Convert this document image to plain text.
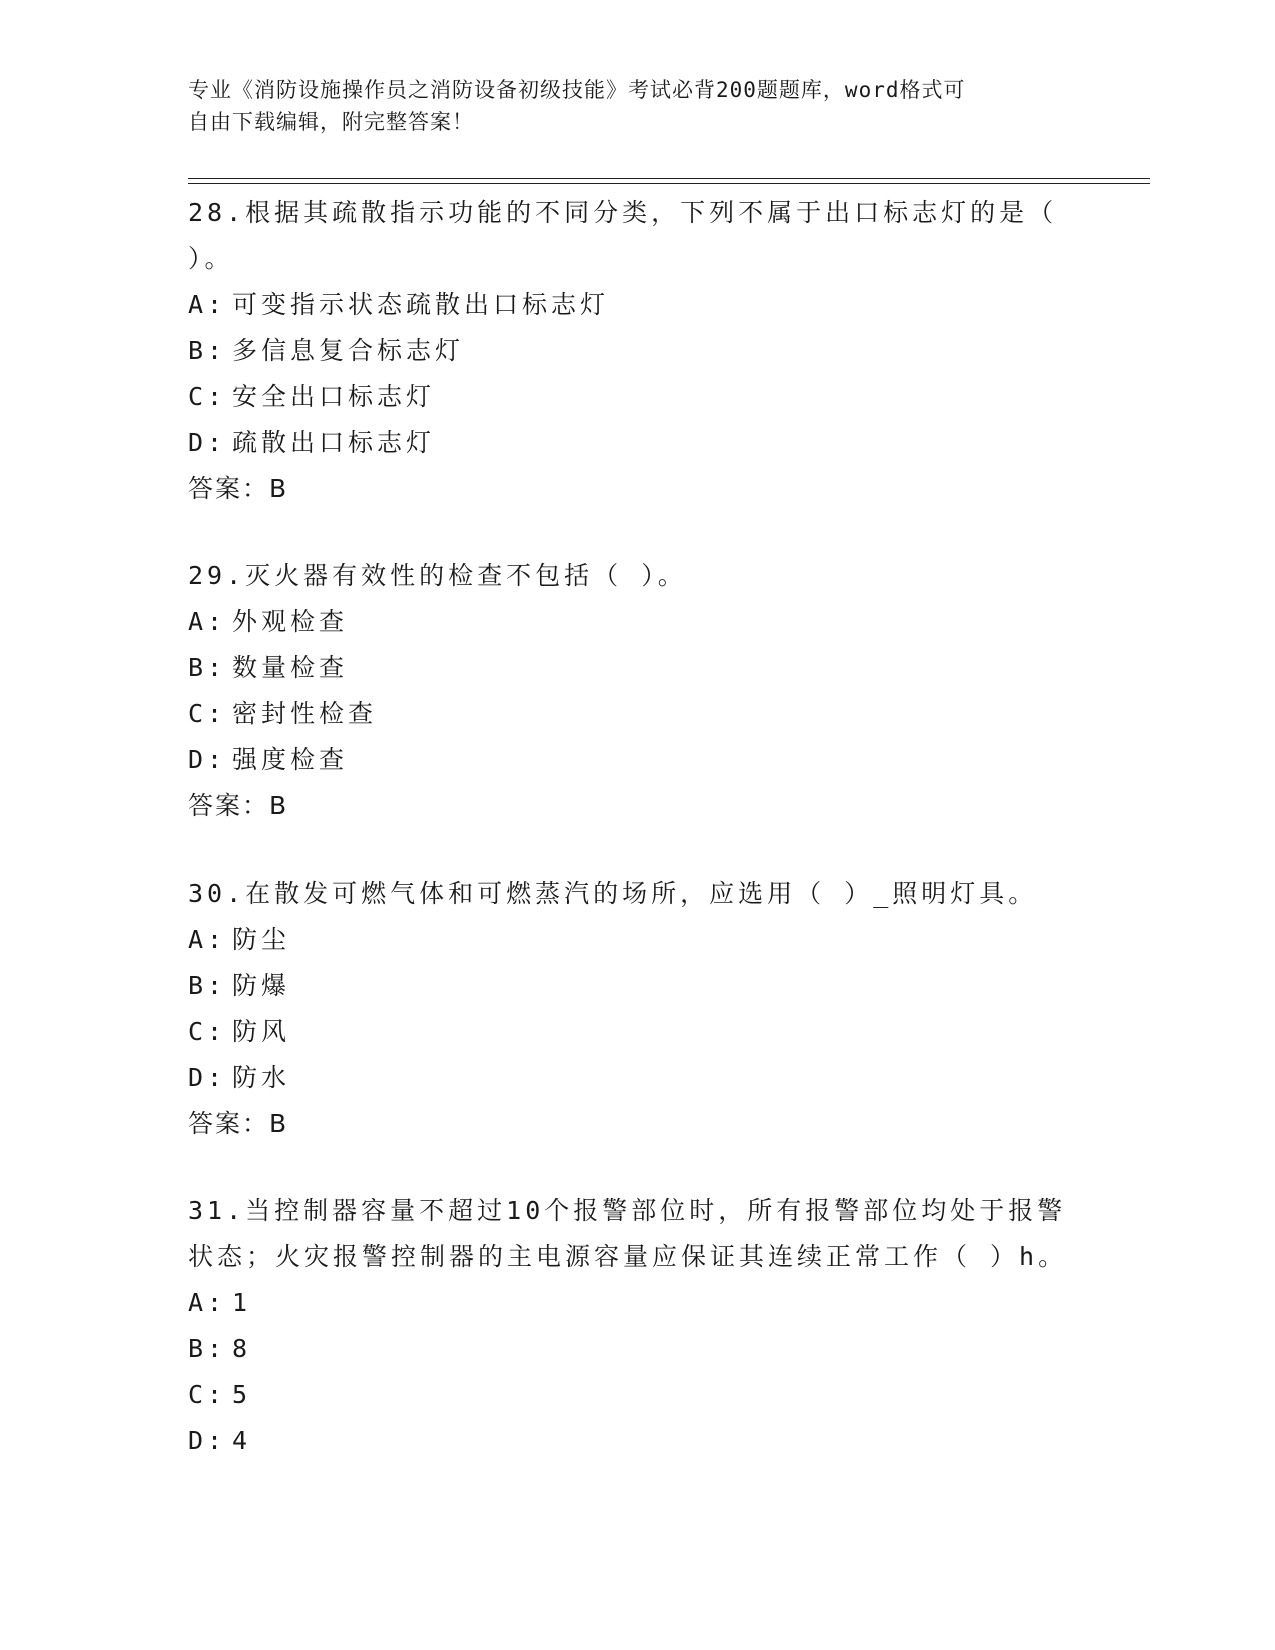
专业《消防设施操作员之消防设备初级技能》考试必背200题题库，word格式可
自由下载编辑，附完整答案！

28.根据其疏散指示功能的不同分类，下列不属于出口标志灯的是（

）。

A: 可变指示状态疏散出口标志灯

B: 多信息复合标志灯

C: 安全出口标志灯

D: 疏散出口标志灯

答案：B

29.灭火器有效性的检查不包括（ ）。

A: 外观检查

B: 数量检查

C: 密封性检查

D: 强度检查

答案：B

30.在散发可燃气体和可燃蒸汽的场所，应选用（ ）_照明灯具。

A: 防尘

B: 防爆

C: 防风

D: 防水

答案：B

31.当控制器容量不超过10个报警部位时，所有报警部位均处于报警

状态；火灾报警控制器的主电源容量应保证其连续正常工作（ ）h。

A: 1

B: 8

C: 5

D: 4
